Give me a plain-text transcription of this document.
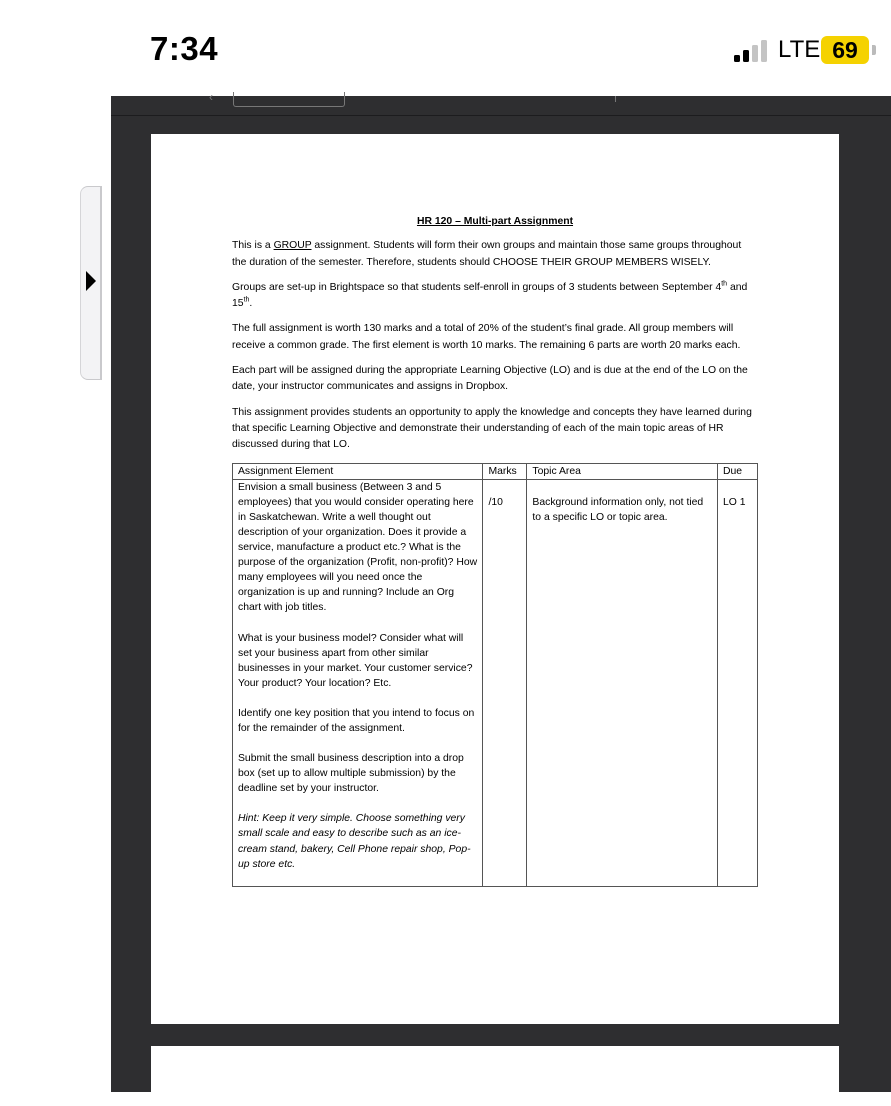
7:34	LTE 69
‹
HR 120 – Multi-part Assignment

This is a GROUP assignment. Students will form their own groups and maintain those same groups throughout the duration of the semester. Therefore, students should CHOOSE THEIR GROUP MEMBERS WISELY.

Groups are set-up in Brightspace so that students self-enroll in groups of 3 students between September 4th and 15th.

The full assignment is worth 130 marks and a total of 20% of the student’s final grade. All group members will receive a common grade. The first element is worth 10 marks. The remaining 6 parts are worth 20 marks each.

Each part will be assigned during the appropriate Learning Objective (LO) and is due at the end of the LO on the date, your instructor communicates and assigns in Dropbox.

This assignment provides students an opportunity to apply the knowledge and concepts they have learned during that specific Learning Objective and demonstrate their understanding of each of the main topic areas of HR discussed during that LO.

Assignment Element	Marks	Topic Area	Due

Envision a small business (Between 3 and 5 employees) that you would consider operating here in Saskatchewan. Write a well thought out description of your organization. Does it provide a service, manufacture a product etc.? What is the purpose of the organization (Profit, non-profit)? How many employees will you need once the organization is up and running? Include an Org chart with job titles.
What is your business model? Consider what will set your business apart from other similar businesses in your market. Your customer service? Your product? Your location? Etc.
Identify one key position that you intend to focus on for the remainder of the assignment.
Submit the small business description into a drop box (set up to allow multiple submission) by the deadline set by your instructor.
Hint: Keep it very simple. Choose something very small scale and easy to describe such as an ice-cream stand, bakery, Cell Phone repair shop, Pop-up store etc.	/10	Background information only, not tied to a specific LO or topic area.	LO 1
